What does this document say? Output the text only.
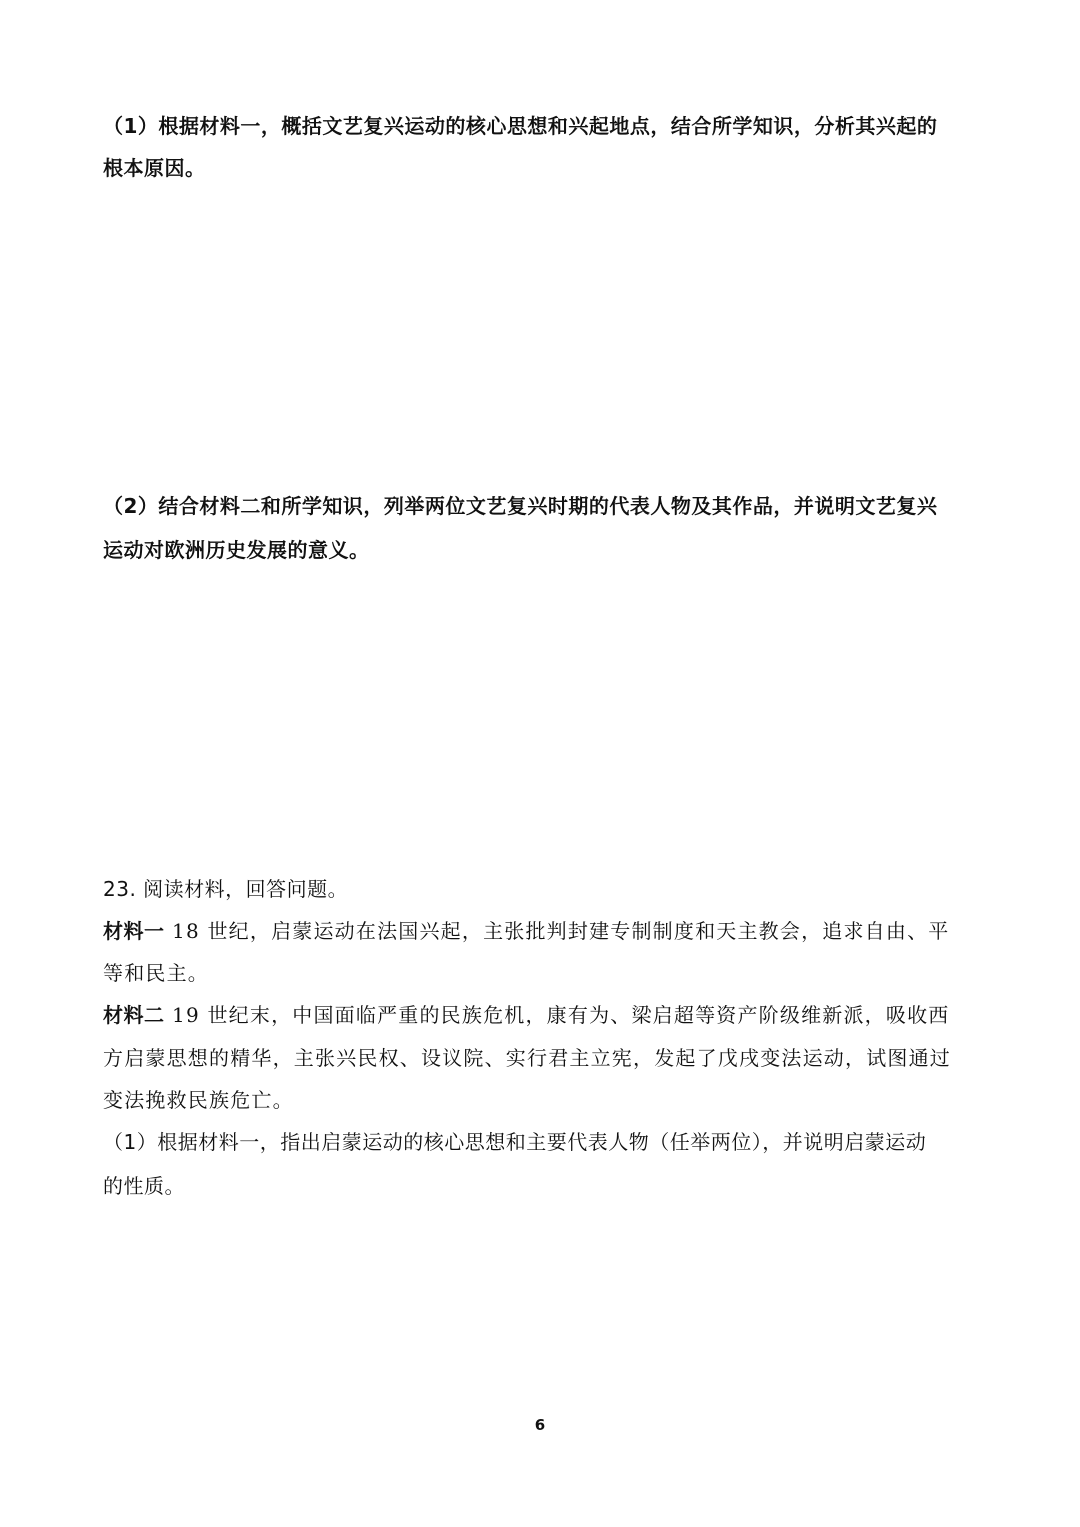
（1）根据材料一，概括文艺复兴运动的核心思想和兴起地点，结合所学知识，分析其兴起的
根本原因。
（2）结合材料二和所学知识，列举两位文艺复兴时期的代表人物及其作品，并说明文艺复兴
运动对欧洲历史发展的意义。
23. 阅读材料，回答问题。
材料一 18 世纪，启蒙运动在法国兴起，主张批判封建专制制度和天主教会，追求自由、平
等和民主。
材料二 19 世纪末，中国面临严重的民族危机，康有为、梁启超等资产阶级维新派，吸收西
方启蒙思想的精华，主张兴民权、设议院、实行君主立宪，发起了戊戌变法运动，试图通过
变法挽救民族危亡。
（1）根据材料一，指出启蒙运动的核心思想和主要代表人物（任举两位），并说明启蒙运动
的性质。
6
